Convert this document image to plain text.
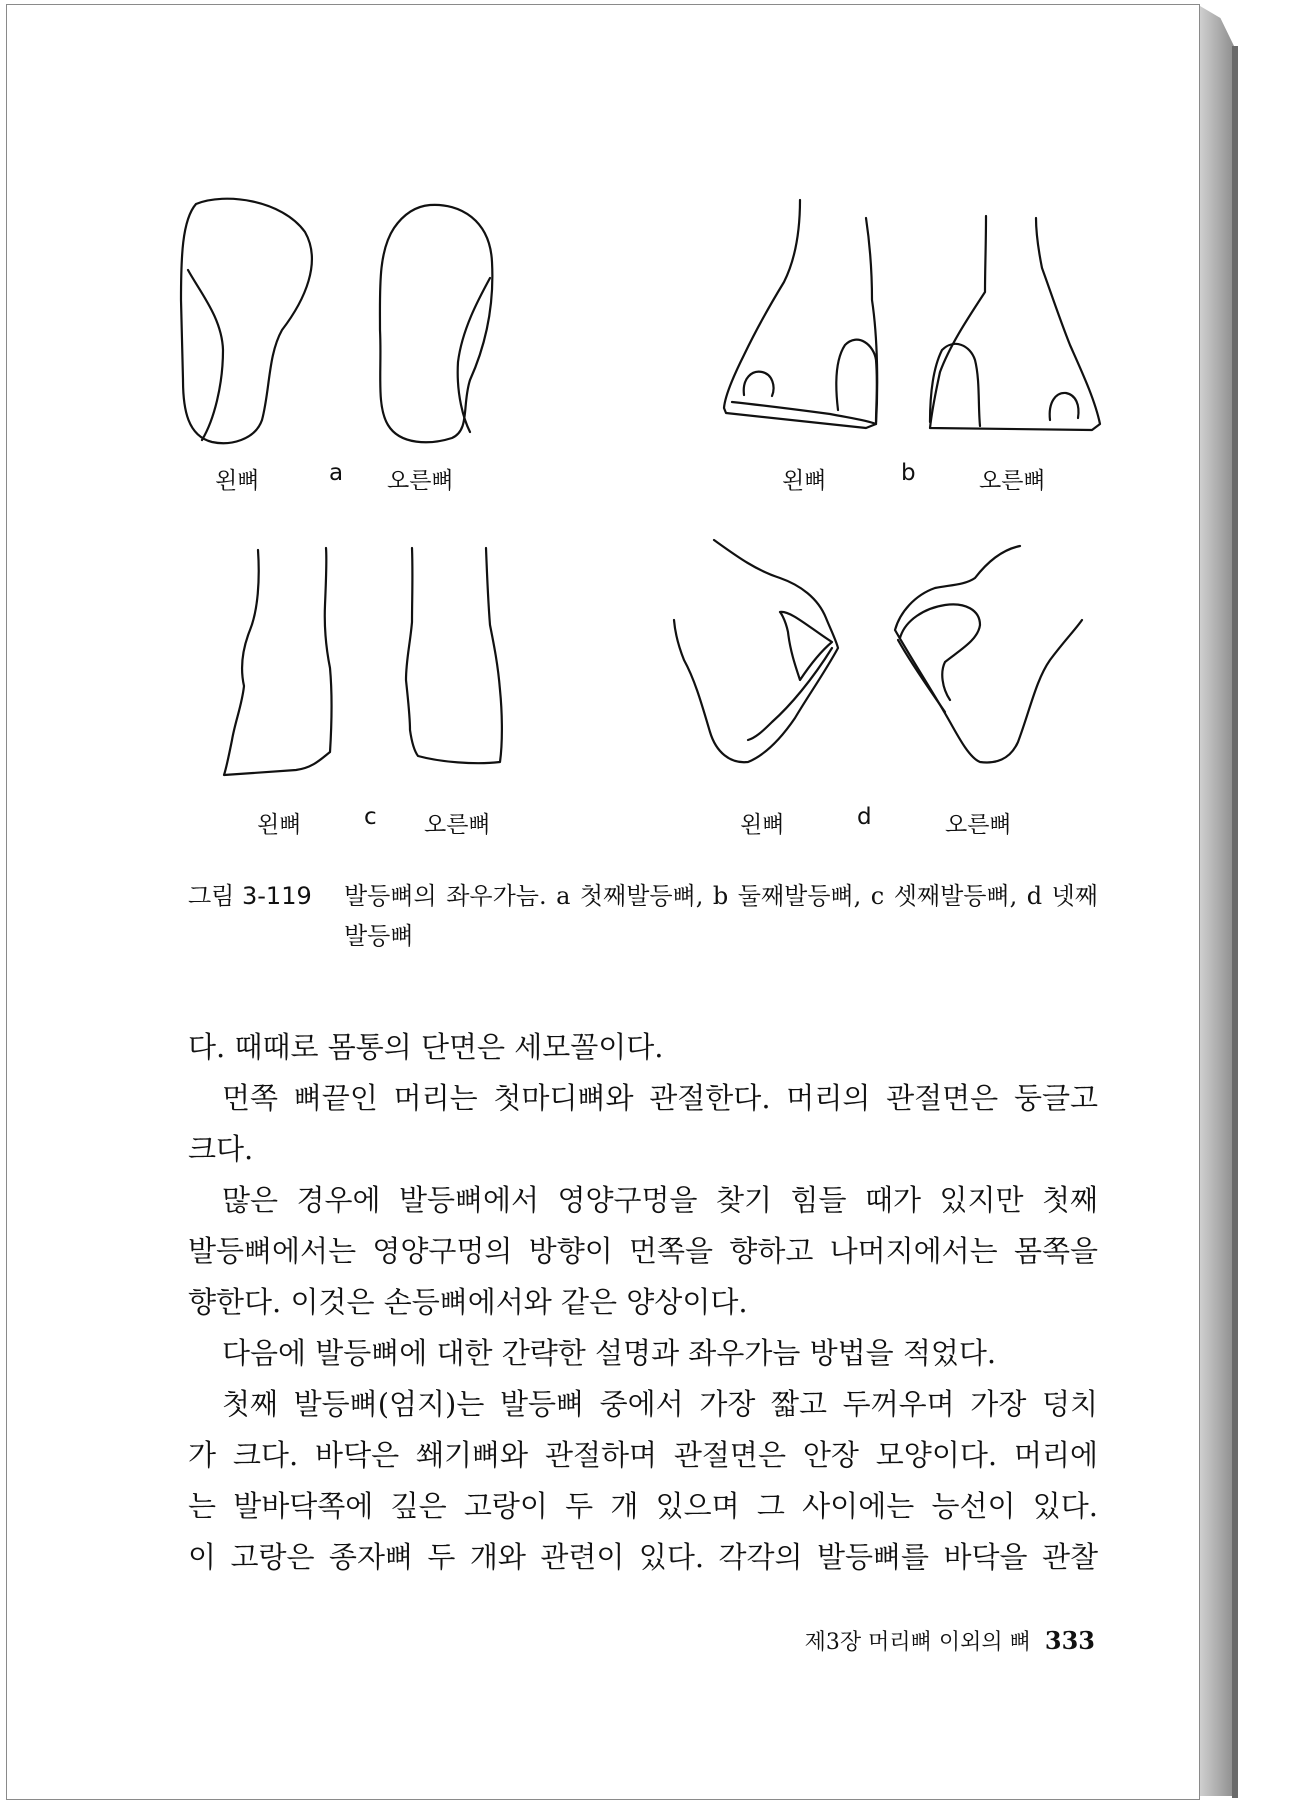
왼뼈	a 오른뼈	왼뼈	b	오른뼈
왼뼈	c 오른뼈	왼뼈	d	오른뼈
그림 3-119 발등뼈의 좌우가늠. a 첫째발등뼈, b 둘째발등뼈, c 셋째발등뼈, d 넷째발등뼈

다. 때때로 몸통의 단면은 세모꼴이다.

먼쪽 뼈끝인 머리는 첫마디뼈와 관절한다. 머리의 관절면은 둥글고

크다.

많은 경우에 발등뼈에서 영양구멍을 찾기 힘들 때가 있지만 첫째

발등뼈에서는 영양구멍의 방향이 먼쪽을 향하고 나머지에서는 몸쪽을

향한다. 이것은 손등뼈에서와 같은 양상이다.

다음에 발등뼈에 대한 간략한 설명과 좌우가늠 방법을 적었다.

첫째 발등뼈(엄지)는 발등뼈 중에서 가장 짧고 두꺼우며 가장 덩치

가 크다. 바닥은 쐐기뼈와 관절하며 관절면은 안장 모양이다. 머리에

는 발바닥쪽에 깊은 고랑이 두 개 있으며 그 사이에는 능선이 있다.

이 고랑은 종자뼈 두 개와 관련이 있다. 각각의 발등뼈를 바닥을 관찰

제3장 머리뼈 이외의 뼈 333
